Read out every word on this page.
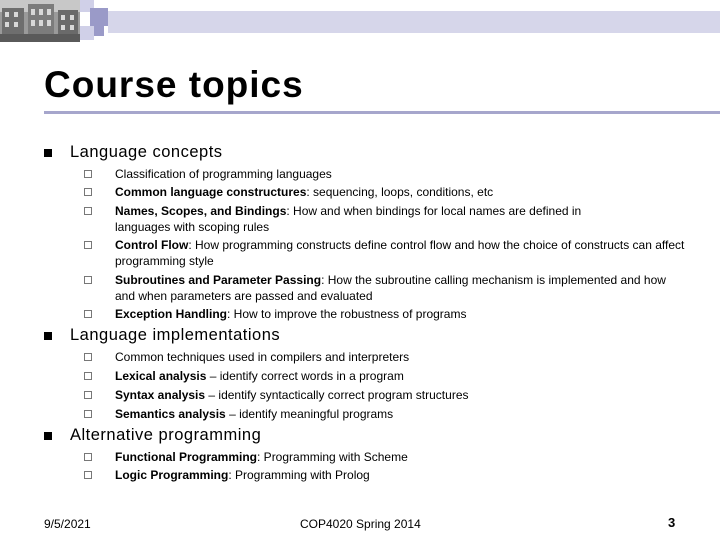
Course topics
Language concepts
Classification of programming languages
Common language constructures: sequencing, loops, conditions, etc
Names, Scopes, and Bindings: How and when bindings for local names are defined in languages with scoping rules
Control Flow: How programming constructs define control flow and how the choice of constructs can affect programming style
Subroutines and Parameter Passing: How the subroutine calling mechanism is implemented and how and when parameters are passed and evaluated
Exception Handling: How to improve the robustness of programs
Language implementations
Common techniques used in compilers and interpreters
Lexical analysis – identify correct words in a program
Syntax analysis – identify syntactically correct program structures
Semantics analysis – identify meaningful programs
Alternative programming
Functional Programming: Programming with Scheme
Logic Programming: Programming with Prolog
9/5/2021	COP4020 Spring 2014	3
